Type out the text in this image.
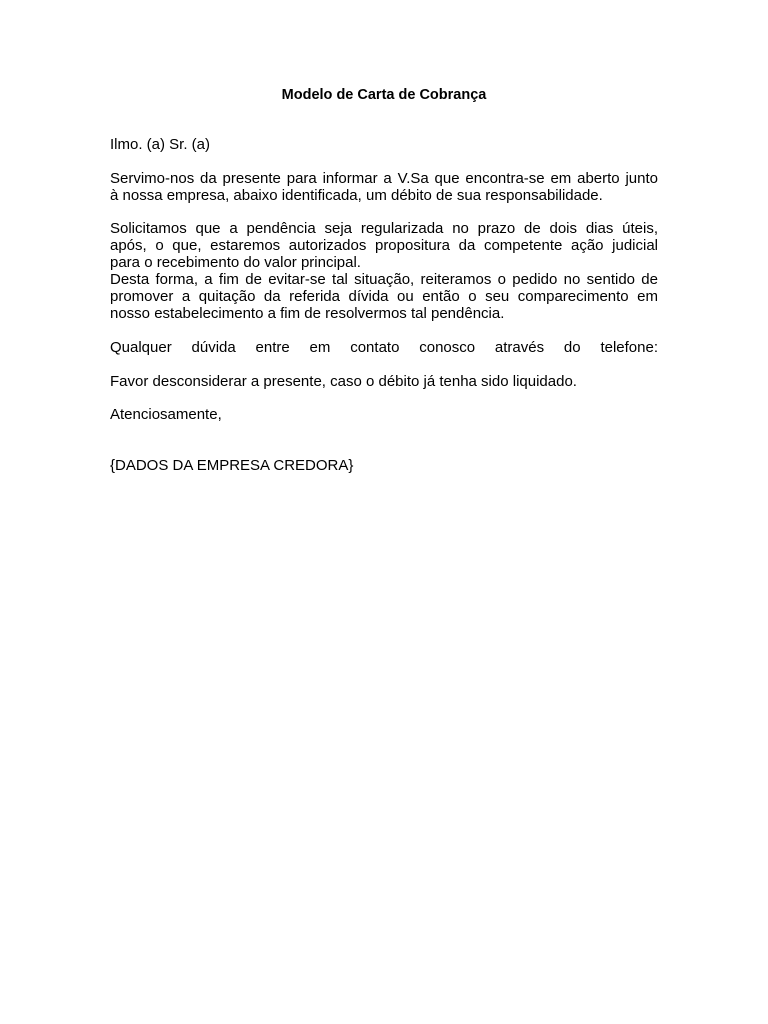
Modelo de Carta de Cobrança

Ilmo. (a) Sr. (a)

Servimo-nos da presente para informar a V.Sa que encontra-se em aberto junto
à nossa empresa, abaixo identificada, um débito de sua responsabilidade.
Solicitamos que a pendência seja regularizada no prazo de dois dias úteis,
após, o que, estaremos autorizados propositura da competente ação judicial
para o recebimento do valor principal.
Desta forma, a fim de evitar-se tal situação, reiteramos o pedido no sentido de
promover a quitação da referida dívida ou então o seu comparecimento em
nosso estabelecimento a fim de resolvermos tal pendência.
Qualquer dúvida entre em contato conosco através do telefone:

Favor desconsiderar a presente, caso o débito já tenha sido liquidado.

Atenciosamente,

{DADOS DA EMPRESA CREDORA}
